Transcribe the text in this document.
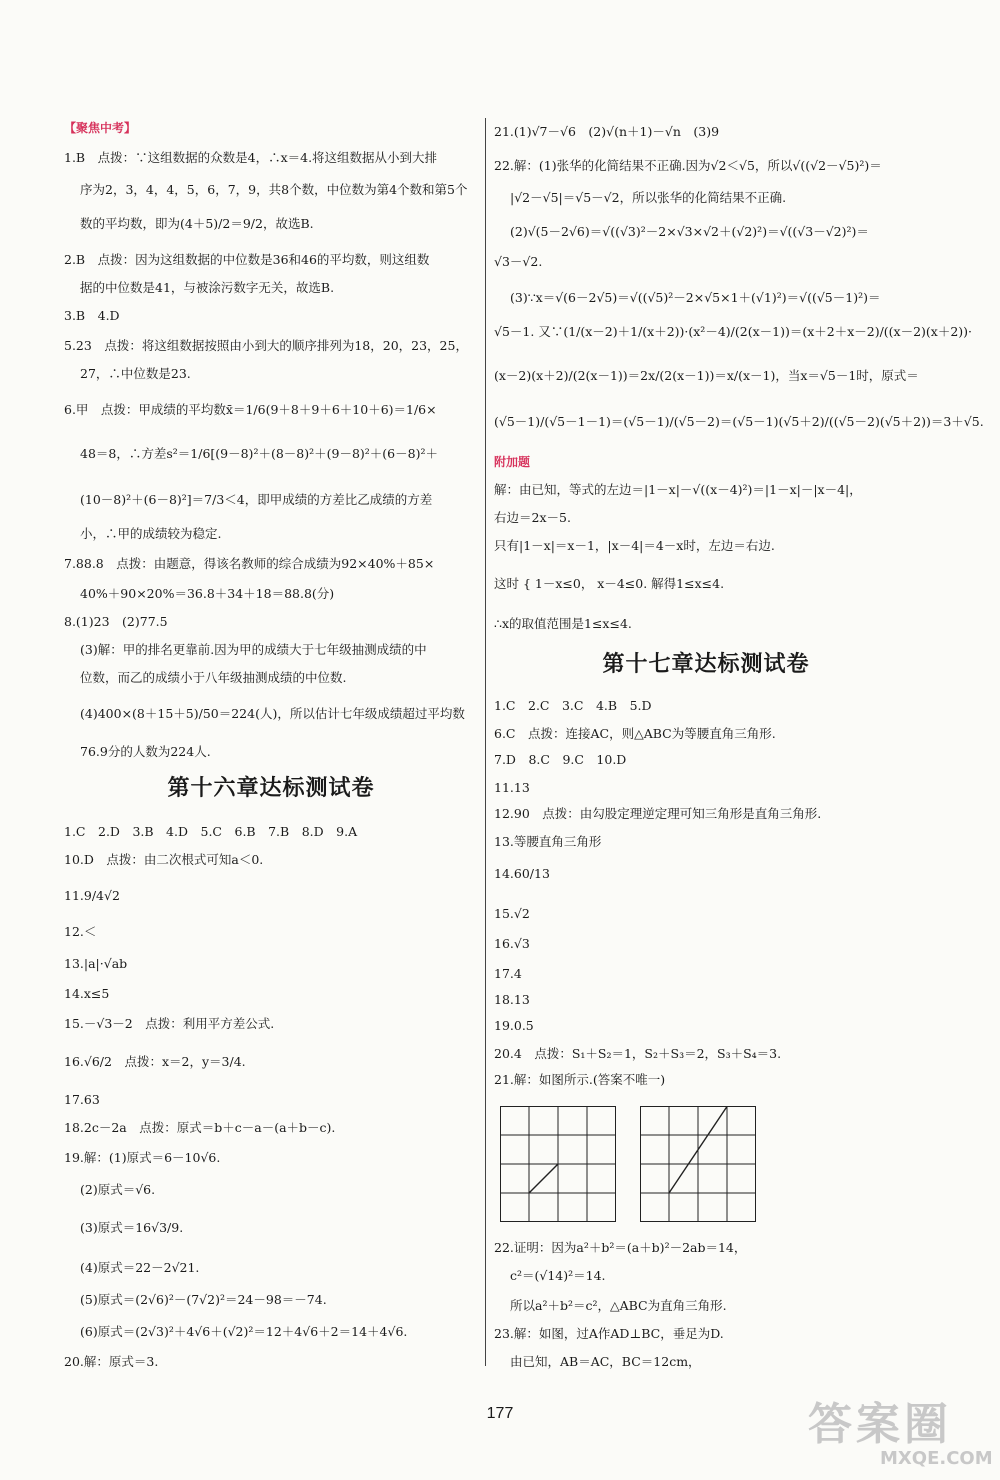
【聚焦中考】
1.B　点拨：∵这组数据的众数是4，∴x＝4.将这组数据从小到大排
序为2，3，4，4，5，6，7，9，共8个数，中位数为第4个数和第5个
数的平均数，即为(4＋5)/2＝9/2，故选B.
2.B　点拨：因为这组数据的中位数是36和46的平均数，则这组数
据的中位数是41，与被涂污数字无关，故选B.
3.B　4.D
5.23　点拨：将这组数据按照由小到大的顺序排列为18，20，23，25，
27，∴中位数是23.
6.甲　点拨：甲成绩的平均数x̄＝1/6(9＋8＋9＋6＋10＋6)＝1/6×
48＝8，∴方差s²＝1/6[(9－8)²＋(8－8)²＋(9－8)²＋(6－8)²＋
(10－8)²＋(6－8)²]＝7/3＜4，即甲成绩的方差比乙成绩的方差
小，∴甲的成绩较为稳定.
7.88.8　点拨：由题意，得该名教师的综合成绩为92×40%＋85×
40%＋90×20%＝36.8＋34＋18＝88.8(分)
8.(1)23　(2)77.5
(3)解：甲的排名更靠前.因为甲的成绩大于七年级抽测成绩的中
位数，而乙的成绩小于八年级抽测成绩的中位数.
(4)400×(8＋15＋5)/50＝224(人)，所以估计七年级成绩超过平均数
76.9分的人数为224人.
第十六章达标测试卷
1.C　2.D　3.B　4.D　5.C　6.B　7.B　8.D　9.A
10.D　点拨：由二次根式可知a＜0.
11.9/4√2
12.＜
13.|a|·√ab
14.x≤5
15.－√3－2　点拨：利用平方差公式.
16.√6/2　点拨：x＝2，y＝3/4.
17.63
18.2c－2a　点拨：原式＝b＋c－a－(a＋b－c).
19.解：(1)原式＝6－10√6.
(2)原式＝√6.
(3)原式＝16√3/9.
(4)原式＝22－2√21.
(5)原式＝(2√6)²－(7√2)²＝24－98＝－74.
(6)原式＝(2√3)²＋4√6＋(√2)²＝12＋4√6＋2＝14＋4√6.
20.解：原式＝3.
21.(1)√7－√6　(2)√(n＋1)－√n　(3)9
22.解：(1)张华的化简结果不正确.因为√2＜√5，所以√((√2－√5)²)＝
|√2－√5|＝√5－√2，所以张华的化简结果不正确.
(2)√(5－2√6)＝√((√3)²－2×√3×√2＋(√2)²)＝√((√3－√2)²)＝
√3－√2.
(3)∵x＝√(6－2√5)＝√((√5)²－2×√5×1＋(√1)²)＝√((√5－1)²)＝
√5－1. 又∵(1/(x－2)＋1/(x＋2))·(x²－4)/(2(x－1))＝(x＋2＋x－2)/((x－2)(x＋2))·
(x－2)(x＋2)/(2(x－1))＝2x/(2(x－1))＝x/(x－1)，当x＝√5－1时，原式＝
(√5－1)/(√5－1－1)＝(√5－1)/(√5－2)＝(√5－1)(√5＋2)/((√5－2)(√5＋2))＝3＋√5.
附加题
解：由已知，等式的左边＝|1－x|－√((x－4)²)＝|1－x|－|x－4|，
右边＝2x－5.
只有|1－x|＝x－1，|x－4|＝4－x时，左边＝右边.
这时 { 1－x≤0， x－4≤0. 解得1≤x≤4.
∴x的取值范围是1≤x≤4.
第十七章达标测试卷
1.C　2.C　3.C　4.B　5.D
6.C　点拨：连接AC，则△ABC为等腰直角三角形.
7.D　8.C　9.C　10.D
11.13
12.90　点拨：由勾股定理逆定理可知三角形是直角三角形.
13.等腰直角三角形
14.60/13
15.√2
16.√3
17.4
18.13
19.0.5
20.4　点拨：S₁＋S₂＝1，S₂＋S₃＝2，S₃＋S₄＝3.
21.解：如图所示.(答案不唯一)
22.证明：因为a²＋b²＝(a＋b)²－2ab＝14，
c²＝(√14)²＝14.
所以a²＋b²＝c²，△ABC为直角三角形.
23.解：如图，过A作AD⊥BC，垂足为D.
由已知，AB＝AC，BC＝12cm，
177	答案圈
MXQE.COM
